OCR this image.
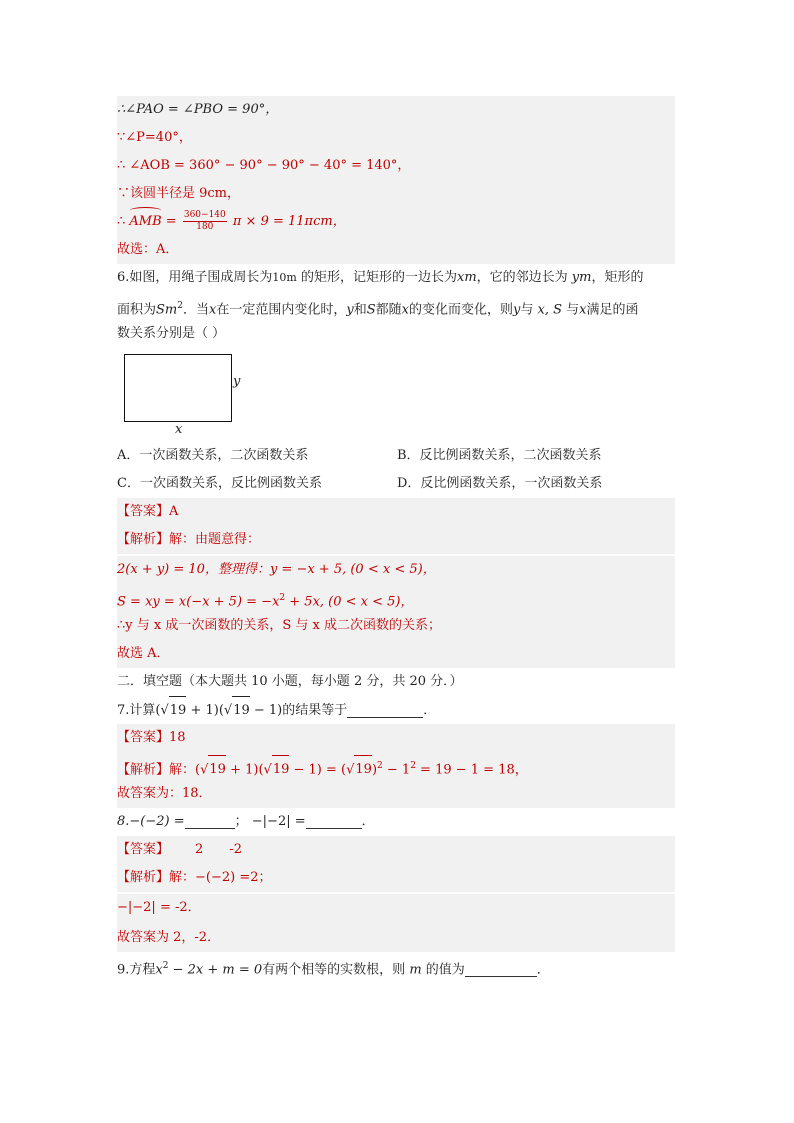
∴∠PAO = ∠PBO = 90°，
∵∠P=40°，
∴ ∠AOB = 360° − 90° − 90° − 40° = 140°，
∵该圆半径是 9cm，
∴ AMB = $\frac{360-140}{180}$ π × 9 = 11πcm，
故选：A．
6.如图，用绳子围成周长为10m 的矩形，记矩形的一边长为xm，它的邻边长为 ym，矩形的
面积为Sm$^2$．当x在一定范围内变化时，y和S都随x的变化而变化，则y与 x, S 与x满足的函
数关系分别是（ ）
y
x
A．一次函数关系，二次函数关系	B．反比例函数关系，二次函数关系
C．一次函数关系，反比例函数关系	D．反比例函数关系，一次函数关系
【答案】A
【解析】解：由题意得：
2(x + y) = 10，整理得：y = −x + 5, (0 < x < 5)，
S = xy = $x(-x + 5) = -x^2 + 5x$, (0 < x < 5)，
∴y 与 x 成一次函数的关系，S 与 x 成二次函数的关系；
故选 A．
二．填空题（本大题共 10 小题，每小题 2 分，共 20 分．）
7.计算(√19 + 1)(√19 − 1)的结果等于	．
【答案】18
【解析】解：$(√19 + 1)(√19 - 1) = (√19)^2 - 1^2 = 19 - 1 = 18$，
故答案为：18．
8.−(−2) =	； −|−2| =	．
【答案】 2 -2
【解析】解：−(−2) =2；
−|−2| = -2．
故答案为 2，-2．
9.方程$x^2 - 2x + m = 0$有两个相等的实数根，则 m 的值为	．
